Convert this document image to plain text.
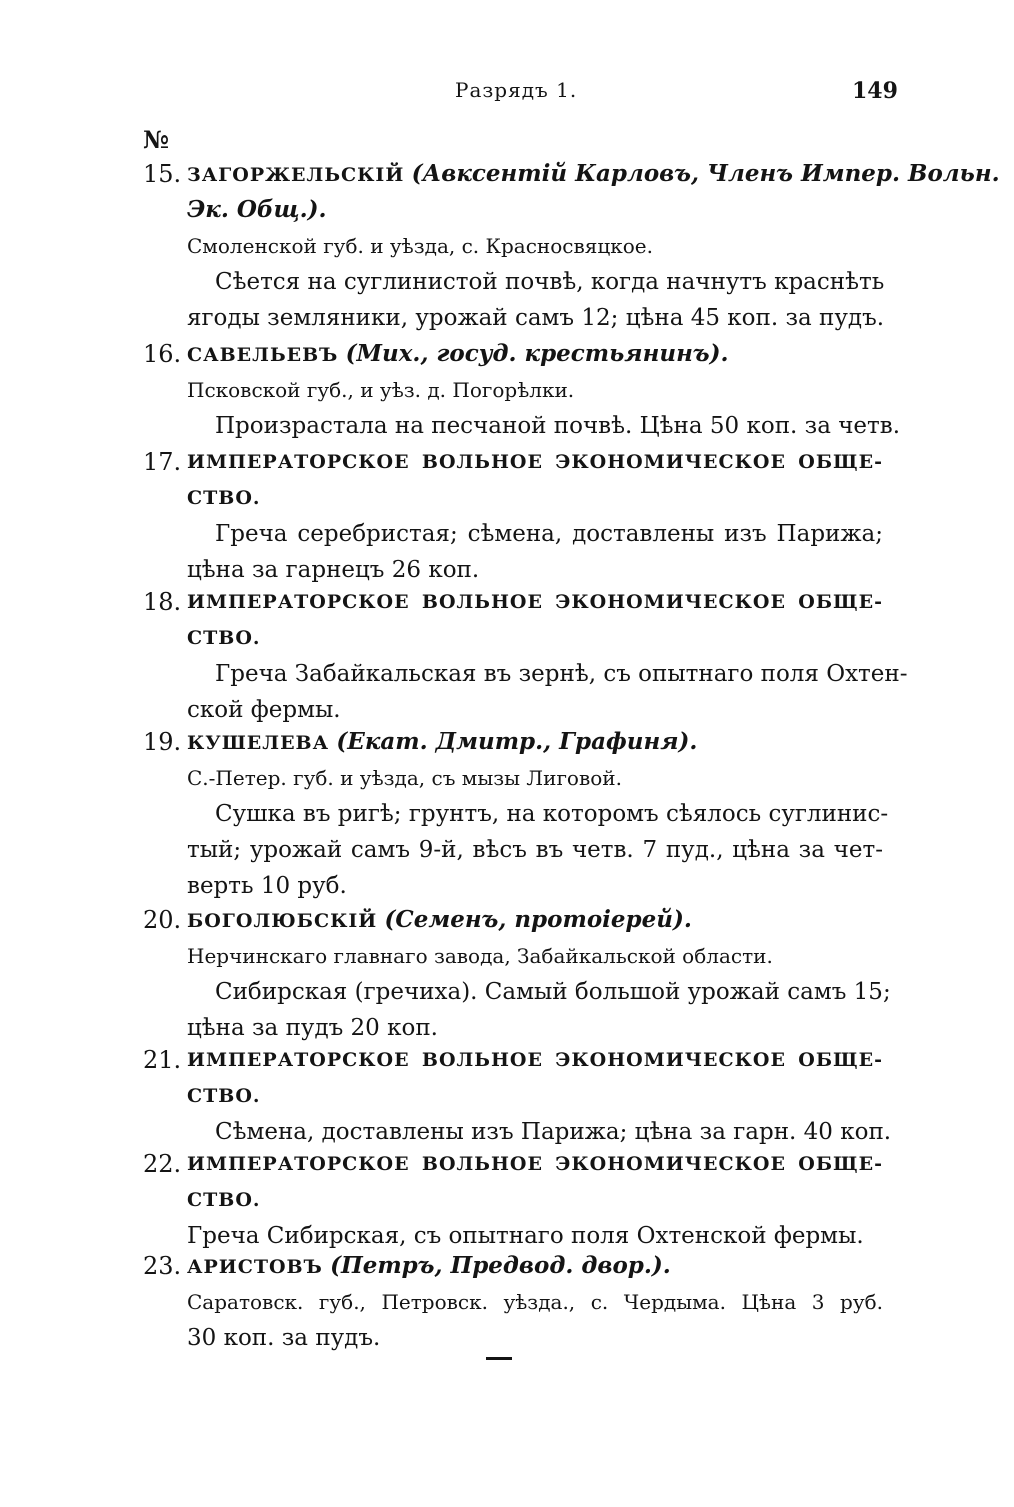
Разрядъ 1.	149
№
15. ЗАГОРЖЕЛЬСКІЙ (Авксентій Карловъ, Членъ Импер. Вольн.
Эк. Общ.).
Смоленской губ. и уѣзда, с. Красносвяцкое.
Сѣется на суглинистой почвѣ, когда начнутъ краснѣть
ягоды земляники, урожай самъ 12; цѣна 45 коп. за пудъ.
16. САВЕЛЬЕВЪ (Мих., госуд. крестьянинъ).
Псковской губ., и уѣз. д. Погорѣлки.
Произрастала на песчаной почвѣ. Цѣна 50 коп. за четв.
17. ИМПЕРАТОРСКОЕ ВОЛЬНОЕ ЭКОНОМИЧЕСКОЕ ОБЩЕ-
СТВО.
Греча серебристая; сѣмена, доставлены изъ Парижа;
цѣна за гарнецъ 26 коп.
18. ИМПЕРАТОРСКОЕ ВОЛЬНОЕ ЭКОНОМИЧЕСКОЕ ОБЩЕ-
СТВО.
Греча Забайкальская въ зернѣ, съ опытнаго поля Охтен-
ской фермы.
19. КУШЕЛЕВА (Екат. Дмитр., Графиня).
С.-Петер. губ. и уѣзда, съ мызы Лиговой.
Сушка въ ригѣ; грунтъ, на которомъ сѣялось суглинис-
тый; урожай самъ 9-й, вѣсъ въ четв. 7 пуд., цѣна за чет-
верть 10 руб.
20. БОГОЛЮБСКІЙ (Семенъ, протоіерей).
Нерчинскаго главнаго завода, Забайкальской области.
Сибирская (гречиха). Самый большой урожай самъ 15;
цѣна за пудъ 20 коп.
21. ИМПЕРАТОРСКОЕ ВОЛЬНОЕ ЭКОНОМИЧЕСКОЕ ОБЩЕ-
СТВО.
Сѣмена, доставлены изъ Парижа; цѣна за гарн. 40 коп.
22. ИМПЕРАТОРСКОЕ ВОЛЬНОЕ ЭКОНОМИЧЕСКОЕ ОБЩЕ-
СТВО.
Греча Сибирская, съ опытнаго поля Охтенской фермы.
23. АРИСТОВЪ (Петръ, Предвод. двор.).
Саратовск. губ., Петровск. уѣзда., с. Чердыма. Цѣна 3 руб.
30 коп. за пудъ.
